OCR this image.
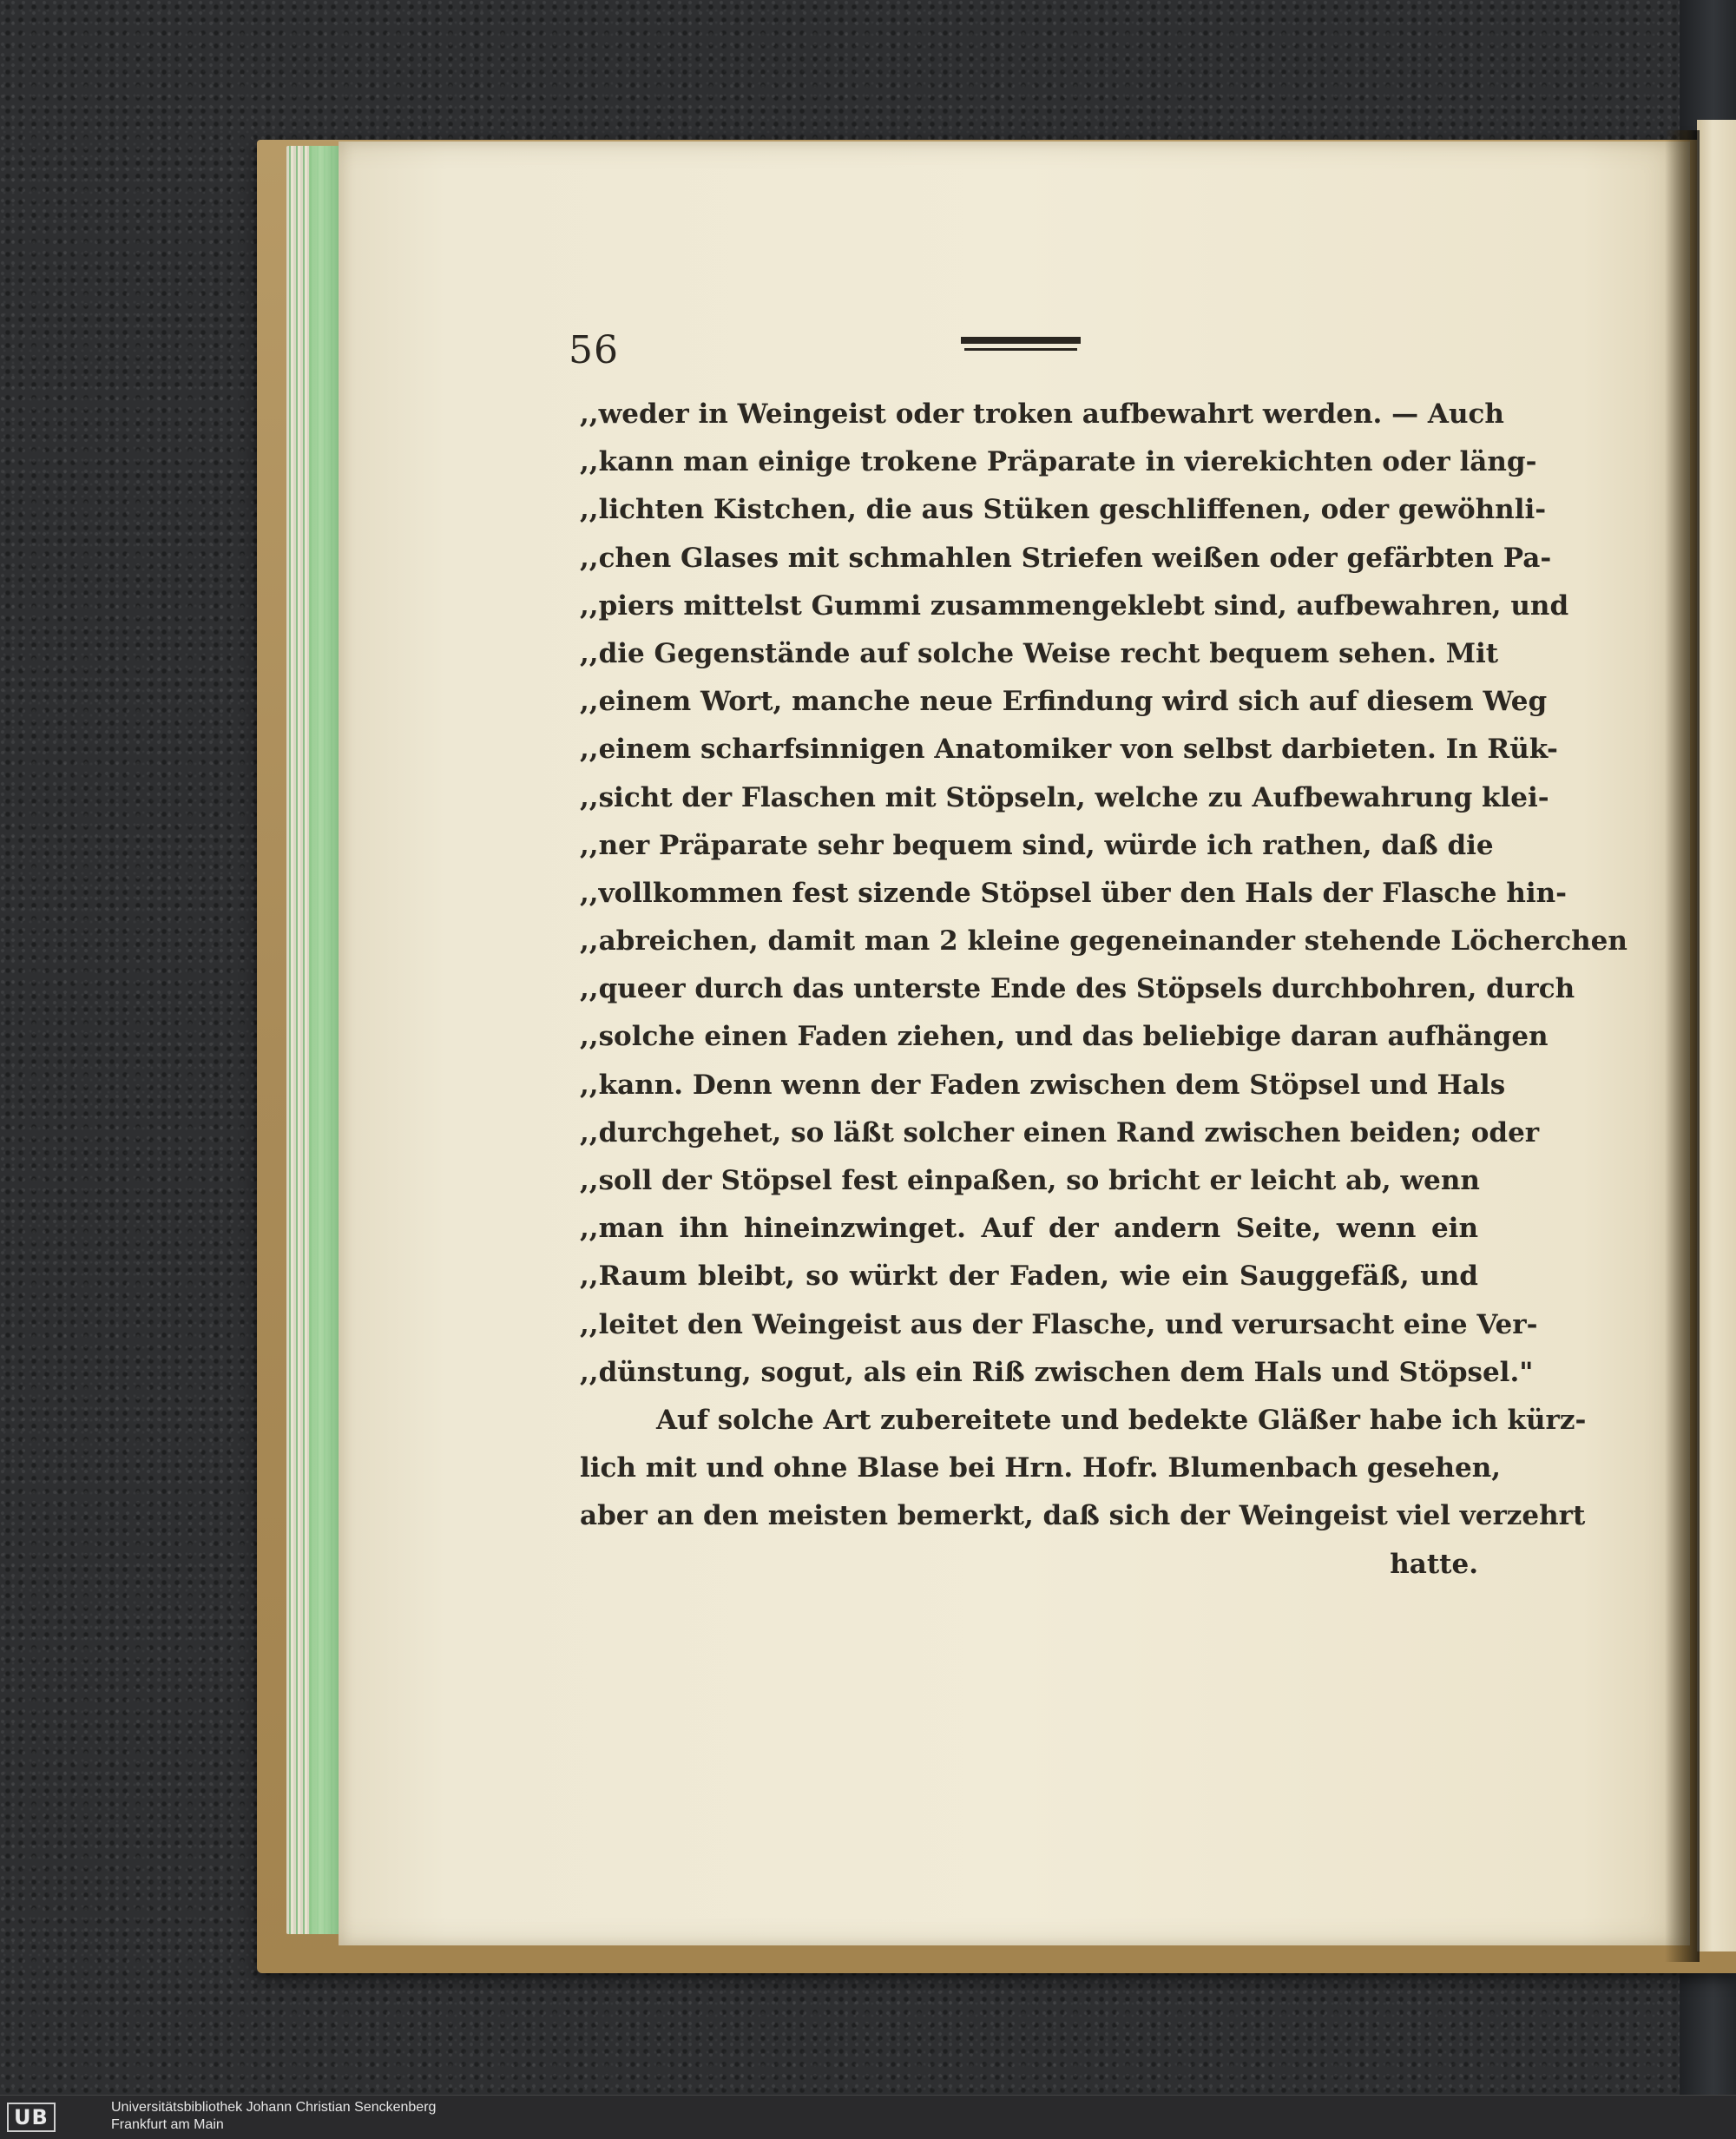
56
,,weder in Weingeist oder troken aufbewahrt werden. — Auch
,,kann man einige trokene Präparate in vierekichten oder läng-
,,lichten Kistchen, die aus Stüken geschliffenen, oder gewöhnli-
,,chen Glases mit schmahlen Striefen weißen oder gefärbten Pa-
,,piers mittelst Gummi zusammengeklebt sind, aufbewahren, und
,,die Gegenstände auf solche Weise recht bequem sehen. Mit
,,einem Wort, manche neue Erfindung wird sich auf diesem Weg
,,einem scharfsinnigen Anatomiker von selbst darbieten. In Rük-
,,sicht der Flaschen mit Stöpseln, welche zu Aufbewahrung klei-
,,ner Präparate sehr bequem sind, würde ich rathen, daß die
,,vollkommen fest sizende Stöpsel über den Hals der Flasche hin-
,,abreichen, damit man 2 kleine gegeneinander stehende Löcherchen
,,queer durch das unterste Ende des Stöpsels durchbohren, durch
,,solche einen Faden ziehen, und das beliebige daran aufhängen
,,kann. Denn wenn der Faden zwischen dem Stöpsel und Hals
,,durchgehet, so läßt solcher einen Rand zwischen beiden; oder
,,soll der Stöpsel fest einpaßen, so bricht er leicht ab, wenn
,,man ihn hineinzwinget. Auf der andern Seite, wenn ein
,,Raum bleibt, so würkt der Faden, wie ein Sauggefäß, und
,,leitet den Weingeist aus der Flasche, und verursacht eine Ver-
,,dünstung, sogut, als ein Riß zwischen dem Hals und Stöpsel."
Auf solche Art zubereitete und bedekte Gläßer habe ich kürz-
lich mit und ohne Blase bei Hrn. Hofr. Blumenbach gesehen,
aber an den meisten bemerkt, daß sich der Weingeist viel verzehrt
hatte.
UB	Universitätsbibliothek Johann Christian Senckenberg
Frankfurt am Main
